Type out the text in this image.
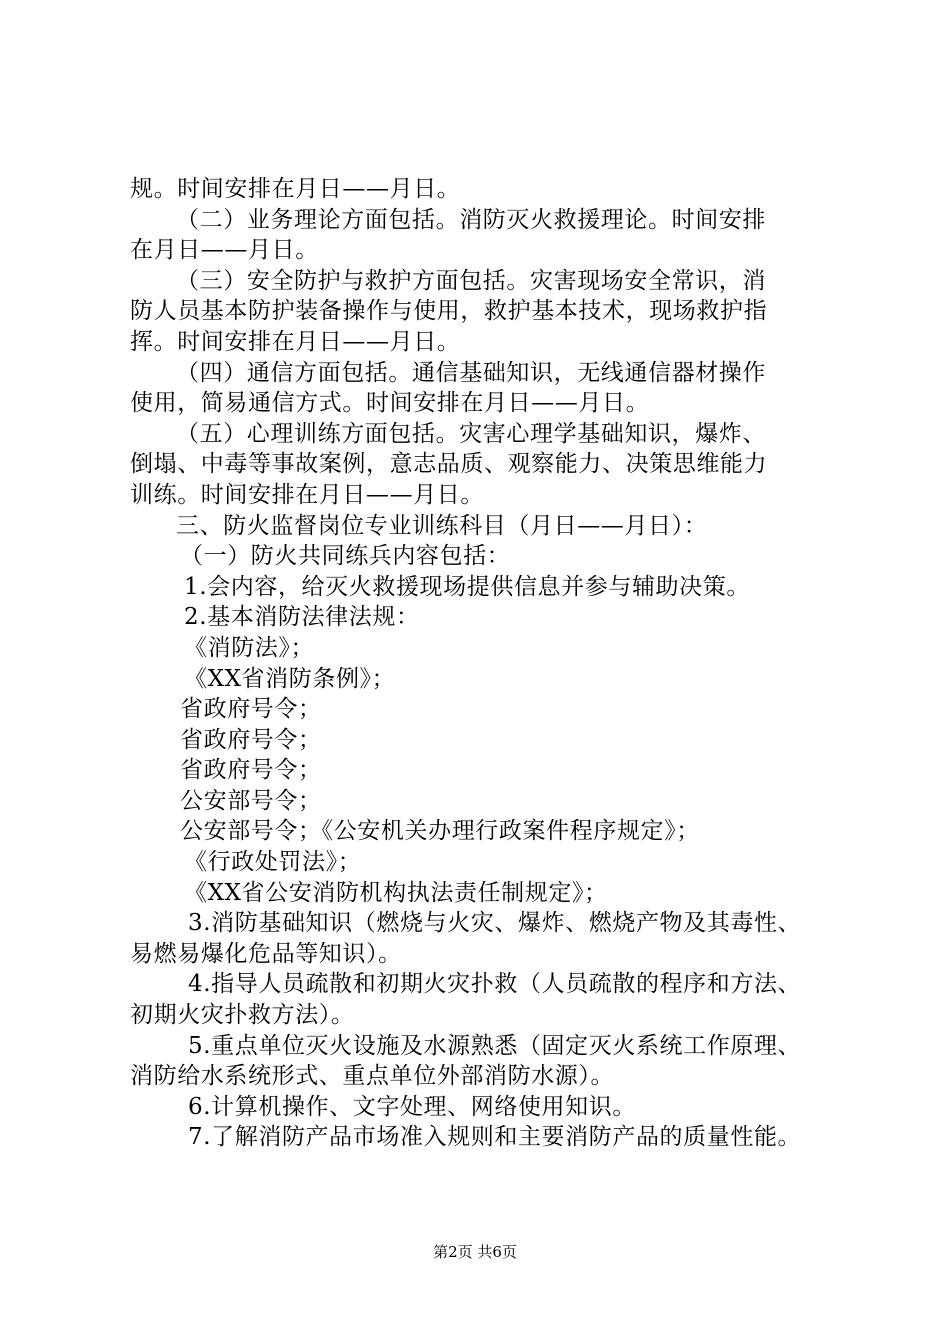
规。时间安排在月日——月日。
（二）业务理论方面包括。消防灭火救援理论。时间安排
在月日——月日。
（三）安全防护与救护方面包括。灾害现场安全常识，消
防人员基本防护装备操作与使用，救护基本技术，现场救护指
挥。时间安排在月日——月日。
（四）通信方面包括。通信基础知识，无线通信器材操作
使用，简易通信方式。时间安排在月日——月日。
（五）心理训练方面包括。灾害心理学基础知识，爆炸、
倒塌、中毒等事故案例，意志品质、观察能力、决策思维能力
训练。时间安排在月日——月日。
三、防火监督岗位专业训练科目（月日——月日）：
（一）防火共同练兵内容包括：
1.会内容，给灭火救援现场提供信息并参与辅助决策。
2.基本消防法律法规：
《消防法》；
《XX省消防条例》；
省政府号令；
省政府号令；
省政府号令；
公安部号令；
公安部号令；《公安机关办理行政案件程序规定》；
《行政处罚法》；
《XX省公安消防机构执法责任制规定》；
3.消防基础知识（燃烧与火灾、爆炸、燃烧产物及其毒性、
易燃易爆化危品等知识）。
4.指导人员疏散和初期火灾扑救（人员疏散的程序和方法、
初期火灾扑救方法）。
5.重点单位灭火设施及水源熟悉（固定灭火系统工作原理、
消防给水系统形式、重点单位外部消防水源）。
6.计算机操作、文字处理、网络使用知识。
7.了解消防产品市场准入规则和主要消防产品的质量性能。
第2页 共6页
